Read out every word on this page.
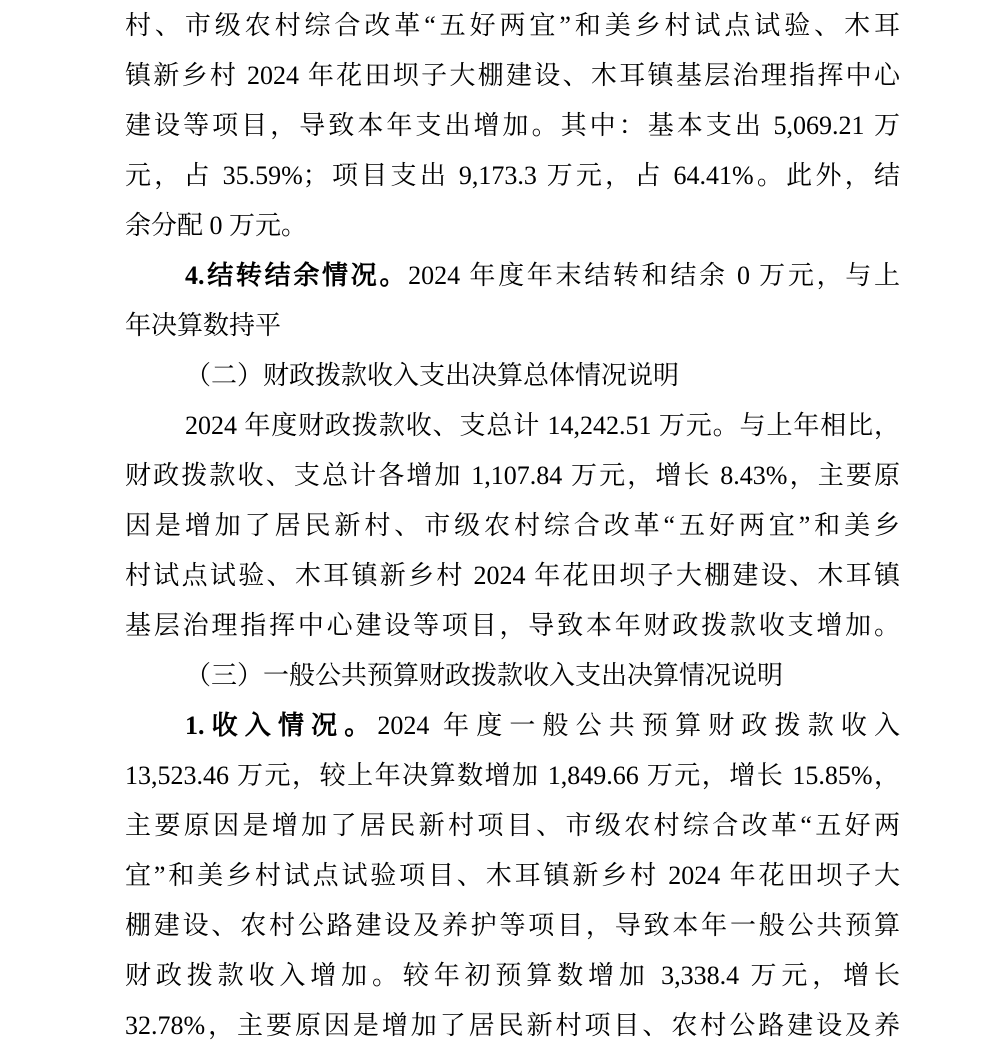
村、市级农村综合改革“五好两宜”和美乡村试点试验、木耳
镇新乡村 2024 年花田坝子大棚建设、木耳镇基层治理指挥中心
建设等项目，导致本年支出增加。其中：基本支出 5,069.21 万
元，占 35.59%；项目支出 9,173.3 万元，占 64.41%。此外，结
余分配 0 万元。
4.结转结余情况。2024 年度年末结转和结余 0 万元，与上
年决算数持平
（二）财政拨款收入支出决算总体情况说明
2024 年度财政拨款收、支总计 14,242.51 万元。与上年相比，
财政拨款收、支总计各增加 1,107.84 万元，增长 8.43%，主要原
因是增加了居民新村、市级农村综合改革“五好两宜”和美乡
村试点试验、木耳镇新乡村 2024 年花田坝子大棚建设、木耳镇
基层治理指挥中心建设等项目，导致本年财政拨款收支增加。
（三）一般公共预算财政拨款收入支出决算情况说明
1.收入情况。2024 年度一般公共预算财政拨款收入
13,523.46 万元，较上年决算数增加 1,849.66 万元，增长 15.85%，
主要原因是增加了居民新村项目、市级农村综合改革“五好两
宜”和美乡村试点试验项目、木耳镇新乡村 2024 年花田坝子大
棚建设、农村公路建设及养护等项目，导致本年一般公共预算
财政拨款收入增加。较年初预算数增加 3,338.4 万元，增长
32.78%，主要原因是增加了居民新村项目、农村公路建设及养
